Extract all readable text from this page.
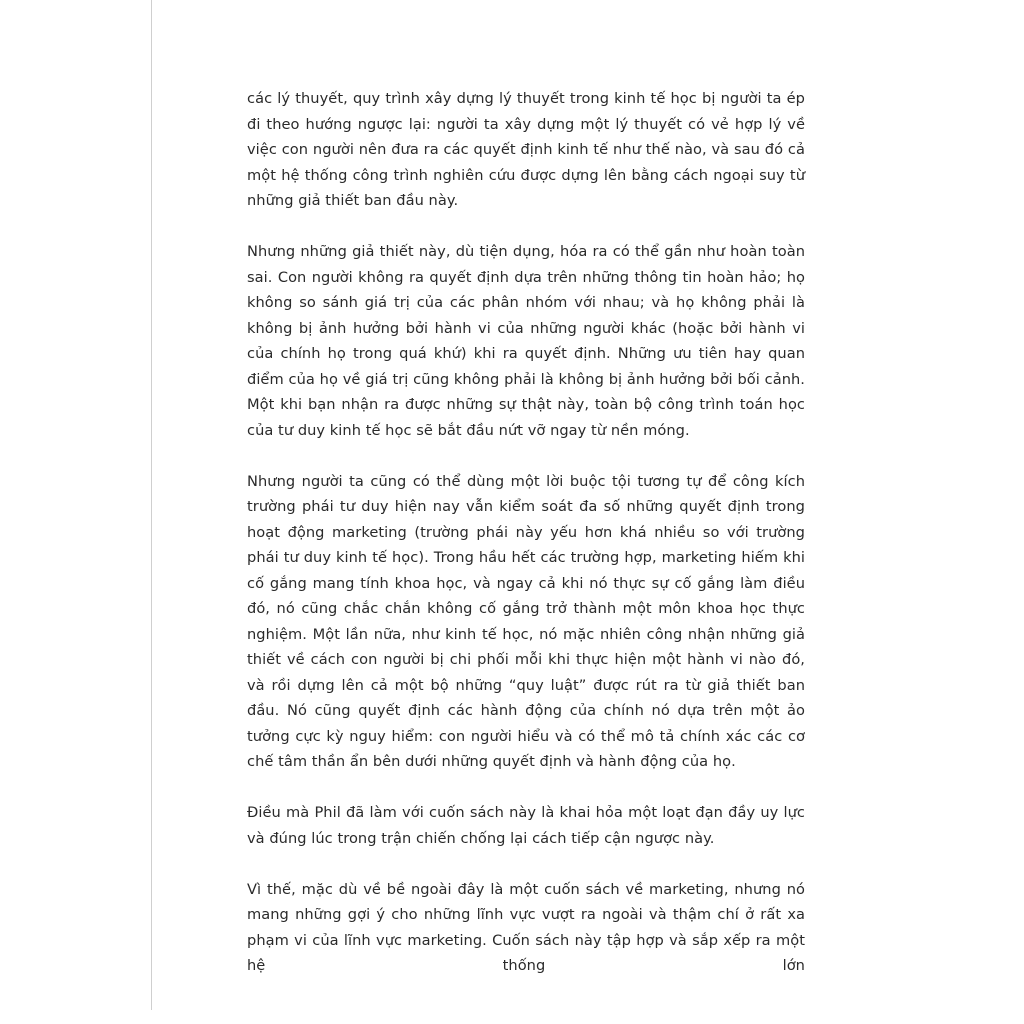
các lý thuyết, quy trình xây dựng lý thuyết trong kinh tế học bị người ta ép đi theo hướng ngược lại: người ta xây dựng một lý thuyết có vẻ hợp lý về việc con người nên đưa ra các quyết định kinh tế như thế nào, và sau đó cả một hệ thống công trình nghiên cứu được dựng lên bằng cách ngoại suy từ những giả thiết ban đầu này.

Nhưng những giả thiết này, dù tiện dụng, hóa ra có thể gần như hoàn toàn sai. Con người không ra quyết định dựa trên những thông tin hoàn hảo; họ không so sánh giá trị của các phân nhóm với nhau; và họ không phải là không bị ảnh hưởng bởi hành vi của những người khác (hoặc bởi hành vi của chính họ trong quá khứ) khi ra quyết định. Những ưu tiên hay quan điểm của họ về giá trị cũng không phải là không bị ảnh hưởng bởi bối cảnh. Một khi bạn nhận ra được những sự thật này, toàn bộ công trình toán học của tư duy kinh tế học sẽ bắt đầu nứt vỡ ngay từ nền móng.

Nhưng người ta cũng có thể dùng một lời buộc tội tương tự để công kích trường phái tư duy hiện nay vẫn kiểm soát đa số những quyết định trong hoạt động marketing (trường phái này yếu hơn khá nhiều so với trường phái tư duy kinh tế học). Trong hầu hết các trường hợp, marketing hiếm khi cố gắng mang tính khoa học, và ngay cả khi nó thực sự cố gắng làm điều đó, nó cũng chắc chắn không cố gắng trở thành một môn khoa học thực nghiệm. Một lần nữa, như kinh tế học, nó mặc nhiên công nhận những giả thiết về cách con người bị chi phối mỗi khi thực hiện một hành vi nào đó, và rồi dựng lên cả một bộ những “quy luật” được rút ra từ giả thiết ban đầu. Nó cũng quyết định các hành động của chính nó dựa trên một ảo tưởng cực kỳ nguy hiểm: con người hiểu và có thể mô tả chính xác các cơ chế tâm thần ẩn bên dưới những quyết định và hành động của họ.

Điều mà Phil đã làm với cuốn sách này là khai hỏa một loạt đạn đầy uy lực và đúng lúc trong trận chiến chống lại cách tiếp cận ngược này.

Vì thế, mặc dù về bề ngoài đây là một cuốn sách về marketing, nhưng nó mang những gợi ý cho những lĩnh vực vượt ra ngoài và thậm chí ở rất xa phạm vi của lĩnh vực marketing. Cuốn sách này tập hợp và sắp xếp ra một hệ thống lớn
